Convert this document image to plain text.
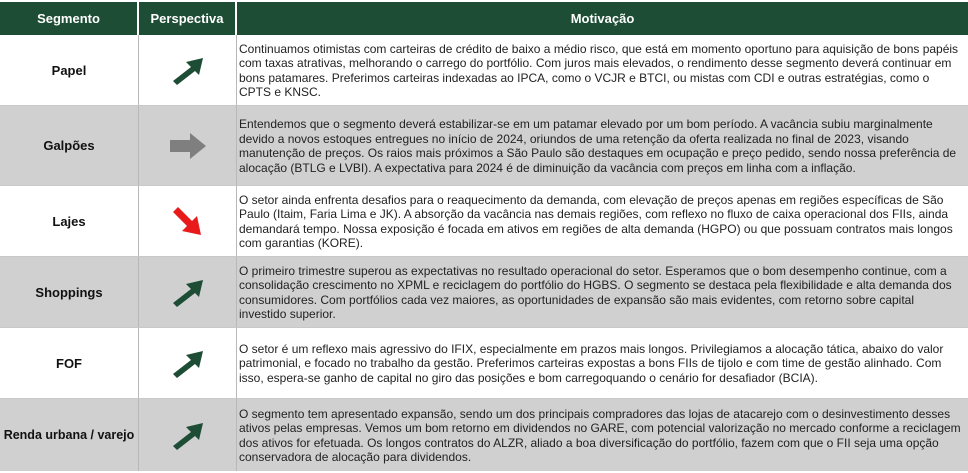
Segmento	Perspectiva	Motivação
Papel
Continuamos otimistas com carteiras de crédito de baixo a médio risco, que está em momento oportuno para aquisição de bons papéis com taxas atrativas, melhorando o carrego do portfólio. Com juros mais elevados, o rendimento desse segmento deverá continuar em bons patamares. Preferimos carteiras indexadas ao IPCA, como o VCJR e BTCI, ou mistas com CDI e outras estratégias, como o CPTS e KNSC.
Galpões
Entendemos que o segmento deverá estabilizar-se em um patamar elevado por um bom período. A vacância subiu marginalmente devido a novos estoques entregues no início de 2024, oriundos de uma retenção da oferta realizada no final de 2023, visando manutenção de preços. Os raios mais próximos a São Paulo são destaques em ocupação e preço pedido, sendo nossa preferência de alocação (BTLG e LVBI). A expectativa para 2024 é de diminuição da vacância com preços em linha com a inflação.
Lajes
O setor ainda enfrenta desafios para o reaquecimento da demanda, com elevação de preços apenas em regiões específicas de São Paulo (Itaim, Faria Lima e JK). A absorção da vacância nas demais regiões, com reflexo no fluxo de caixa operacional dos FIIs, ainda demandará tempo. Nossa exposição é focada em ativos em regiões de alta demanda (HGPO) ou que possuam contratos mais longos com garantias (KORE).
Shoppings
O primeiro trimestre superou as expectativas no resultado operacional do setor. Esperamos que o bom desempenho continue, com a consolidação crescimento no XPML e reciclagem do portfólio do HGBS. O segmento se destaca pela flexibilidade e alta demanda dos consumidores. Com portfólios cada vez maiores, as oportunidades de expansão são mais evidentes, com retorno sobre capital investido superior.
FOF
O setor é um reflexo mais agressivo do IFIX, especialmente em prazos mais longos. Privilegiamos a alocação tática, abaixo do valor patrimonial, e focado no trabalho da gestão. Preferimos carteiras expostas a bons FIIs de tijolo e com time de gestão alinhado. Com isso, espera-se ganho de capital no giro das posições e bom carregoquando o cenário for desafiador (BCIA).
Renda urbana / varejo
O segmento tem apresentado expansão, sendo um dos principais compradores das lojas de atacarejo com o desinvestimento desses ativos pelas empresas. Vemos um bom retorno em dividendos no GARE, com potencial valorização no mercado conforme a reciclagem dos ativos for efetuada. Os longos contratos do ALZR, aliado a boa diversificação do portfólio, fazem com que o FII seja uma opção conservadora de alocação para dividendos.
